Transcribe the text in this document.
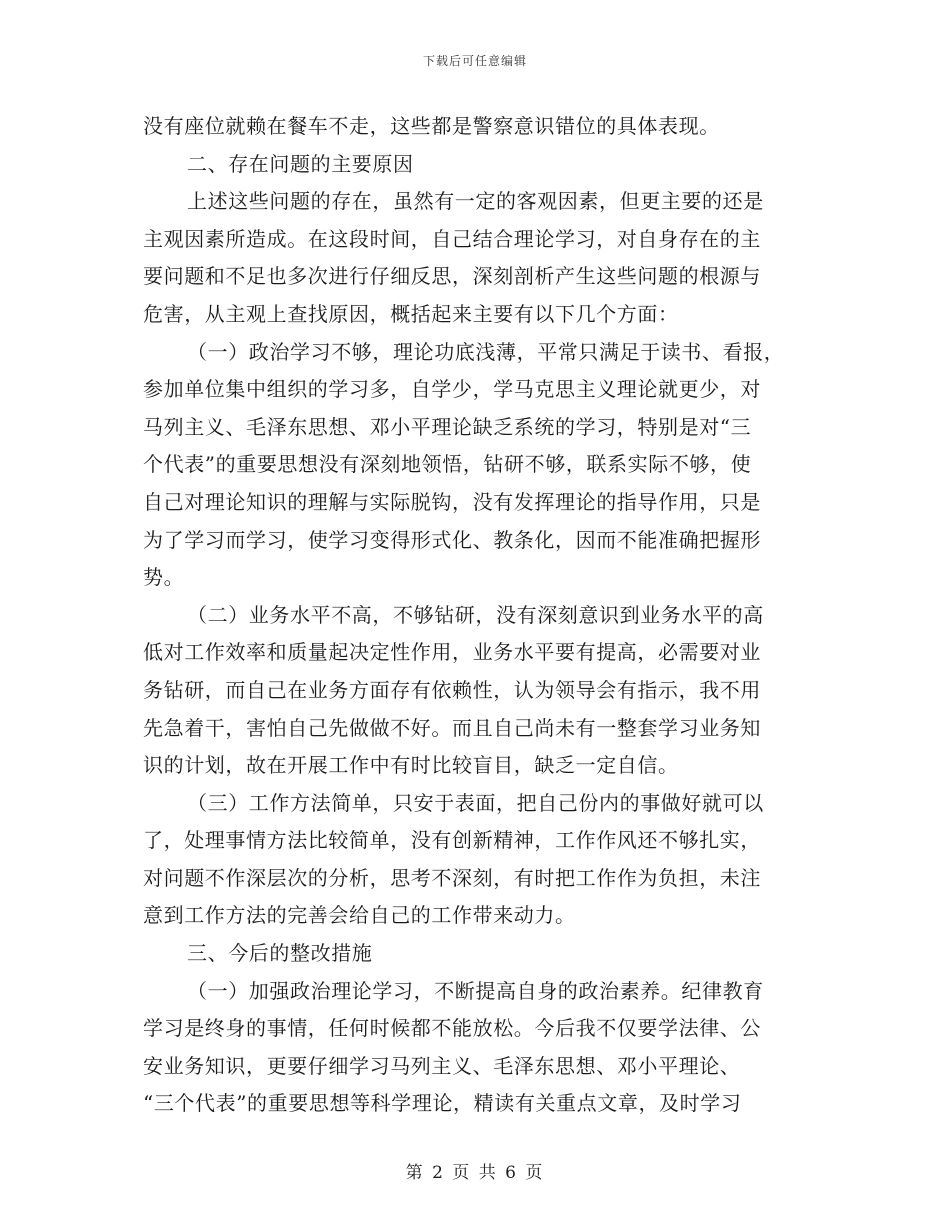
下载后可任意编辑
没有座位就赖在餐车不走，这些都是警察意识错位的具体表现。
二、存在问题的主要原因
上述这些问题的存在，虽然有一定的客观因素，但更主要的还是
主观因素所造成。在这段时间，自己结合理论学习，对自身存在的主
要问题和不足也多次进行仔细反思，深刻剖析产生这些问题的根源与
危害，从主观上查找原因，概括起来主要有以下几个方面：
（一）政治学习不够，理论功底浅薄，平常只满足于读书、看报，
参加单位集中组织的学习多，自学少，学马克思主义理论就更少，对
马列主义、毛泽东思想、邓小平理论缺乏系统的学习，特别是对“三
个代表”的重要思想没有深刻地领悟，钻研不够，联系实际不够，使
自己对理论知识的理解与实际脱钩，没有发挥理论的指导作用，只是
为了学习而学习，使学习变得形式化、教条化，因而不能准确把握形
势。
（二）业务水平不高，不够钻研，没有深刻意识到业务水平的高
低对工作效率和质量起决定性作用，业务水平要有提高，必需要对业
务钻研，而自己在业务方面存有依赖性，认为领导会有指示，我不用
先急着干，害怕自己先做做不好。而且自己尚未有一整套学习业务知
识的计划，故在开展工作中有时比较盲目，缺乏一定自信。
（三）工作方法简单，只安于表面，把自己份内的事做好就可以
了，处理事情方法比较简单，没有创新精神，工作作风还不够扎实，
对问题不作深层次的分析，思考不深刻，有时把工作作为负担，未注
意到工作方法的完善会给自己的工作带来动力。
三、今后的整改措施
（一）加强政治理论学习，不断提高自身的政治素养。纪律教育
学习是终身的事情，任何时候都不能放松。今后我不仅要学法律、公
安业务知识，更要仔细学习马列主义、毛泽东思想、邓小平理论、
“三个代表”的重要思想等科学理论，精读有关重点文章，及时学习
第 2 页 共 6 页
